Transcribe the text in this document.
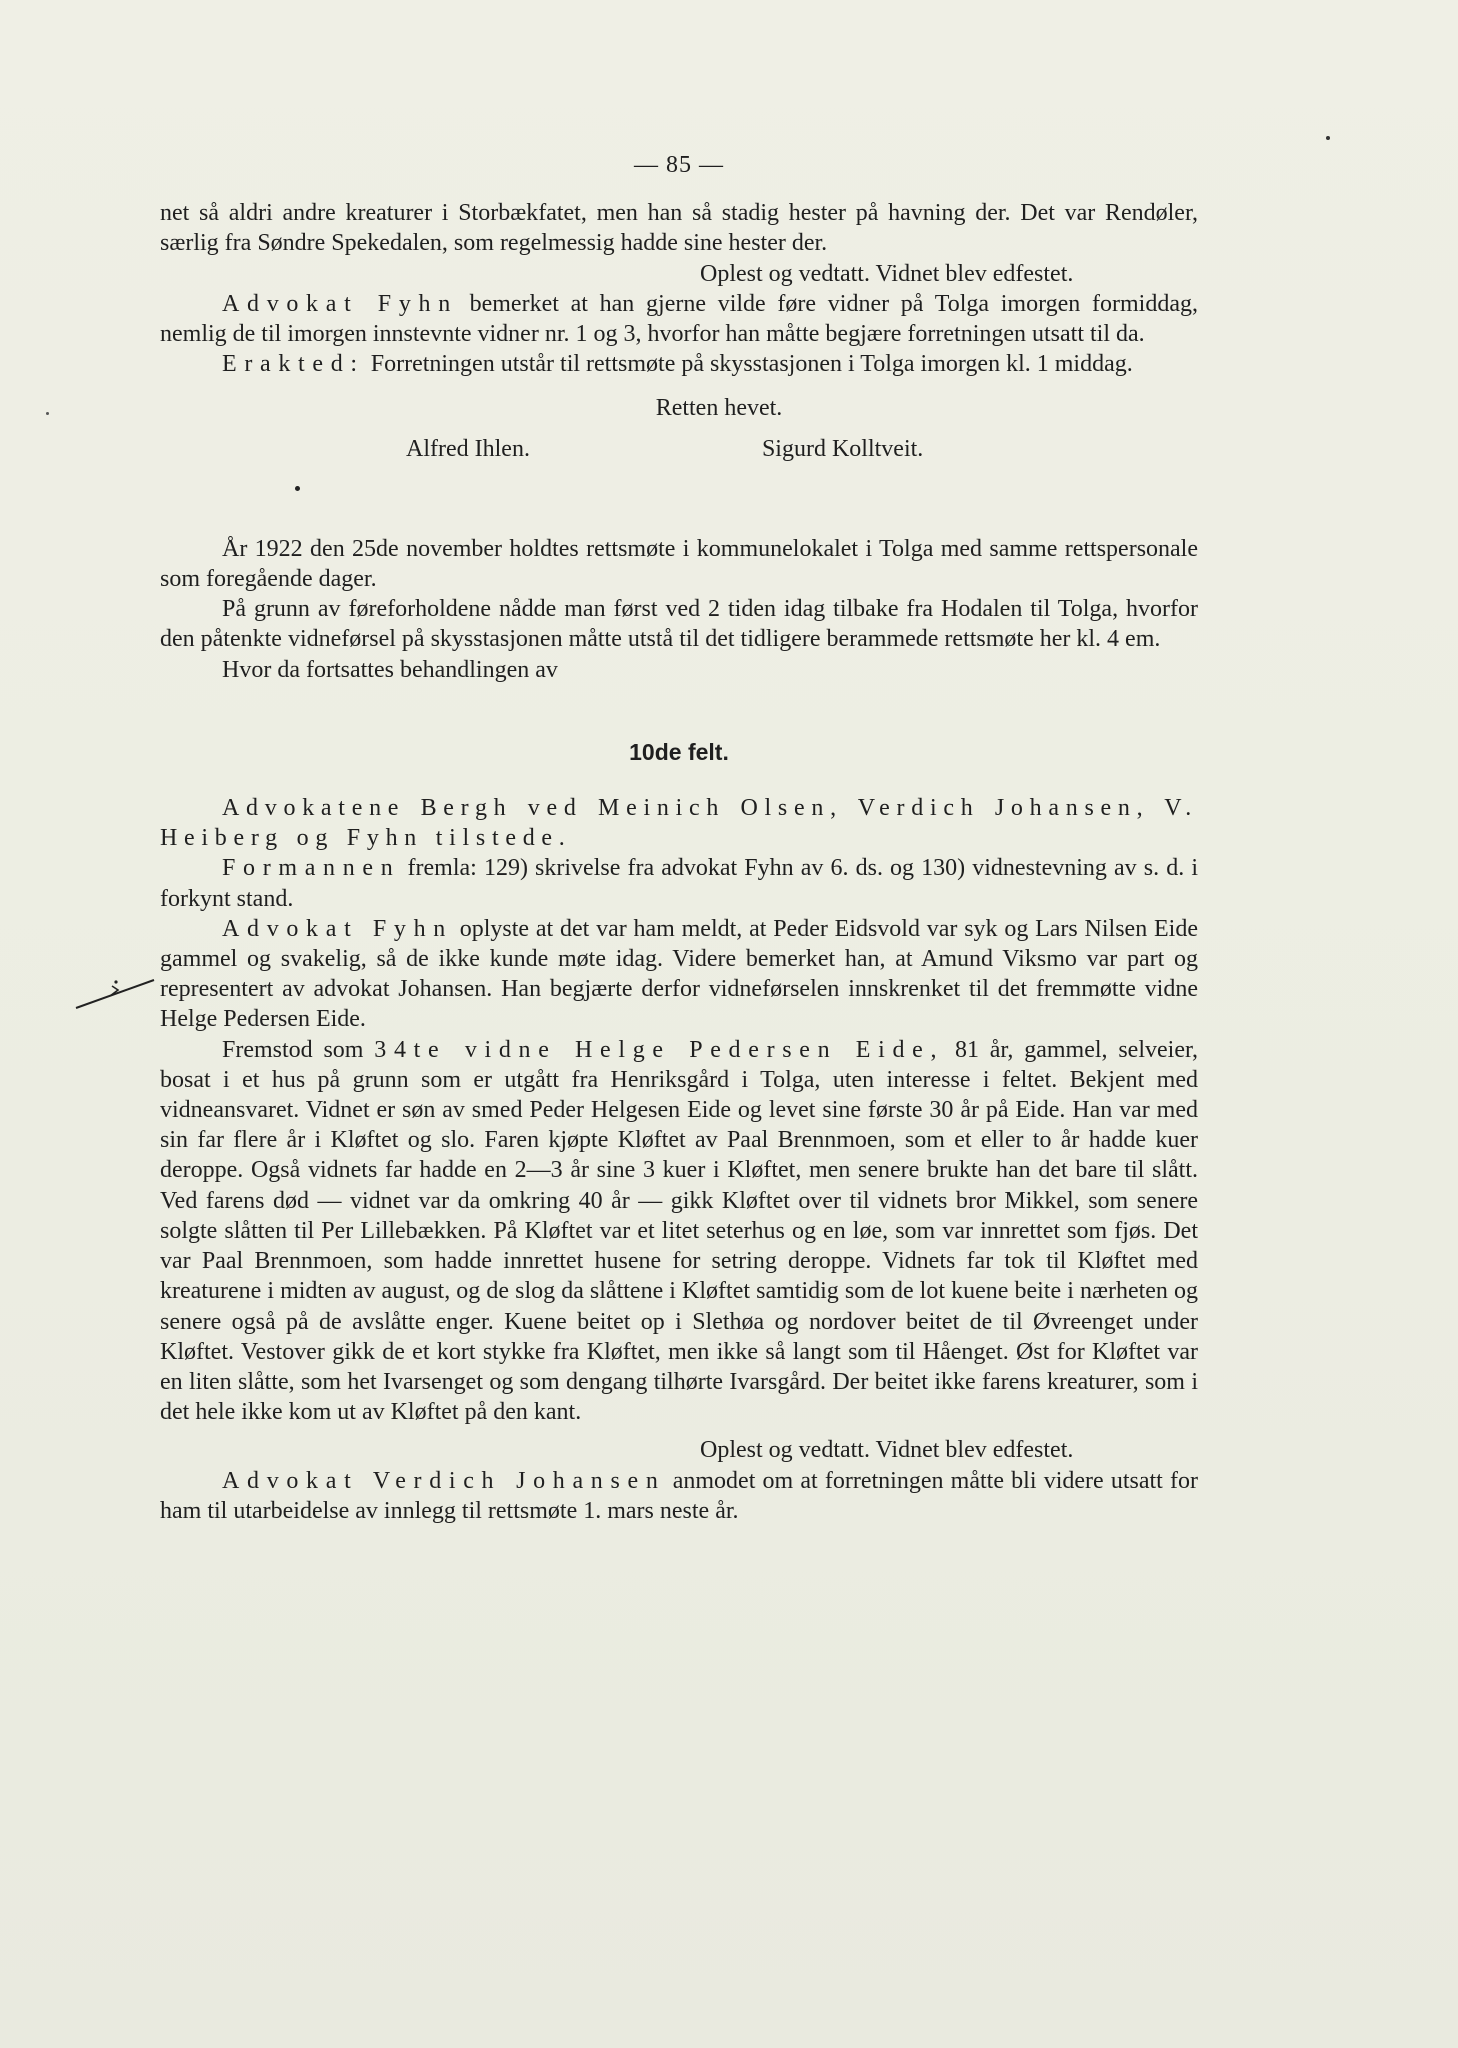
— 85 —

net så aldri andre kreaturer i Storbækfatet, men han så stadig hester på havning der. Det var Rendøler, særlig fra Søndre Spekedalen, som regelmessig hadde sine hester der.

Oplest og vedtatt. Vidnet blev edfestet.

Advokat Fyhn bemerket at han gjerne vilde føre vidner på Tolga imorgen formiddag, nemlig de til imorgen innstevnte vidner nr. 1 og 3, hvorfor han måtte begjære forretningen utsatt til da.

Erakted: Forretningen utstår til rettsmøte på skysstasjonen i Tolga imorgen kl. 1 middag.

Retten hevet.

Alfred Ihlen.	Sigurd Kolltveit.

År 1922 den 25de november holdtes rettsmøte i kommunelokalet i Tolga med samme rettspersonale som foregående dager.

På grunn av føreforholdene nådde man først ved 2 tiden idag tilbake fra Hodalen til Tolga, hvorfor den påtenkte vidneførsel på skysstasjonen måtte utstå til det tidligere berammede rettsmøte her kl. 4 em.

Hvor da fortsattes behandlingen av

10de felt.

Advokatene Bergh ved Meinich Olsen, Verdich Johansen, V. Heiberg og Fyhn tilstede.

Formannen fremla: 129) skrivelse fra advokat Fyhn av 6. ds. og 130) vidnestevning av s. d. i forkynt stand.

Advokat Fyhn oplyste at det var ham meldt, at Peder Eidsvold var syk og Lars Nilsen Eide gammel og svakelig, så de ikke kunde møte idag. Videre bemerket han, at Amund Viksmo var part og representert av advokat Johansen. Han begjærte derfor vidneførselen innskrenket til det fremmøtte vidne Helge Pedersen Eide.

Fremstod som 34te vidne Helge Pedersen Eide, 81 år, gammel, selveier, bosat i et hus på grunn som er utgått fra Henriksgård i Tolga, uten interesse i feltet. Bekjent med vidneansvaret. Vidnet er søn av smed Peder Helgesen Eide og levet sine første 30 år på Eide. Han var med sin far flere år i Kløftet og slo. Faren kjøpte Kløftet av Paal Brennmoen, som et eller to år hadde kuer deroppe. Også vidnets far hadde en 2—3 år sine 3 kuer i Kløftet, men senere brukte han det bare til slått. Ved farens død — vidnet var da omkring 40 år — gikk Kløftet over til vidnets bror Mikkel, som senere solgte slåtten til Per Lillebækken. På Kløftet var et litet seterhus og en løe, som var innrettet som fjøs. Det var Paal Brennmoen, som hadde innrettet husene for setring deroppe. Vidnets far tok til Kløftet med kreaturene i midten av august, og de slog da slåttene i Kløftet samtidig som de lot kuene beite i nærheten og senere også på de avslåtte enger. Kuene beitet op i Slethøa og nordover beitet de til Øvreenget under Kløftet. Vestover gikk de et kort stykke fra Kløftet, men ikke så langt som til Håenget. Øst for Kløftet var en liten slåtte, som het Ivarsenget og som dengang tilhørte Ivarsgård. Der beitet ikke farens kreaturer, som i det hele ikke kom ut av Kløftet på den kant.

Oplest og vedtatt. Vidnet blev edfestet.

Advokat Verdich Johansen anmodet om at forretningen måtte bli videre utsatt for ham til utarbeidelse av innlegg til rettsmøte 1. mars neste år.
